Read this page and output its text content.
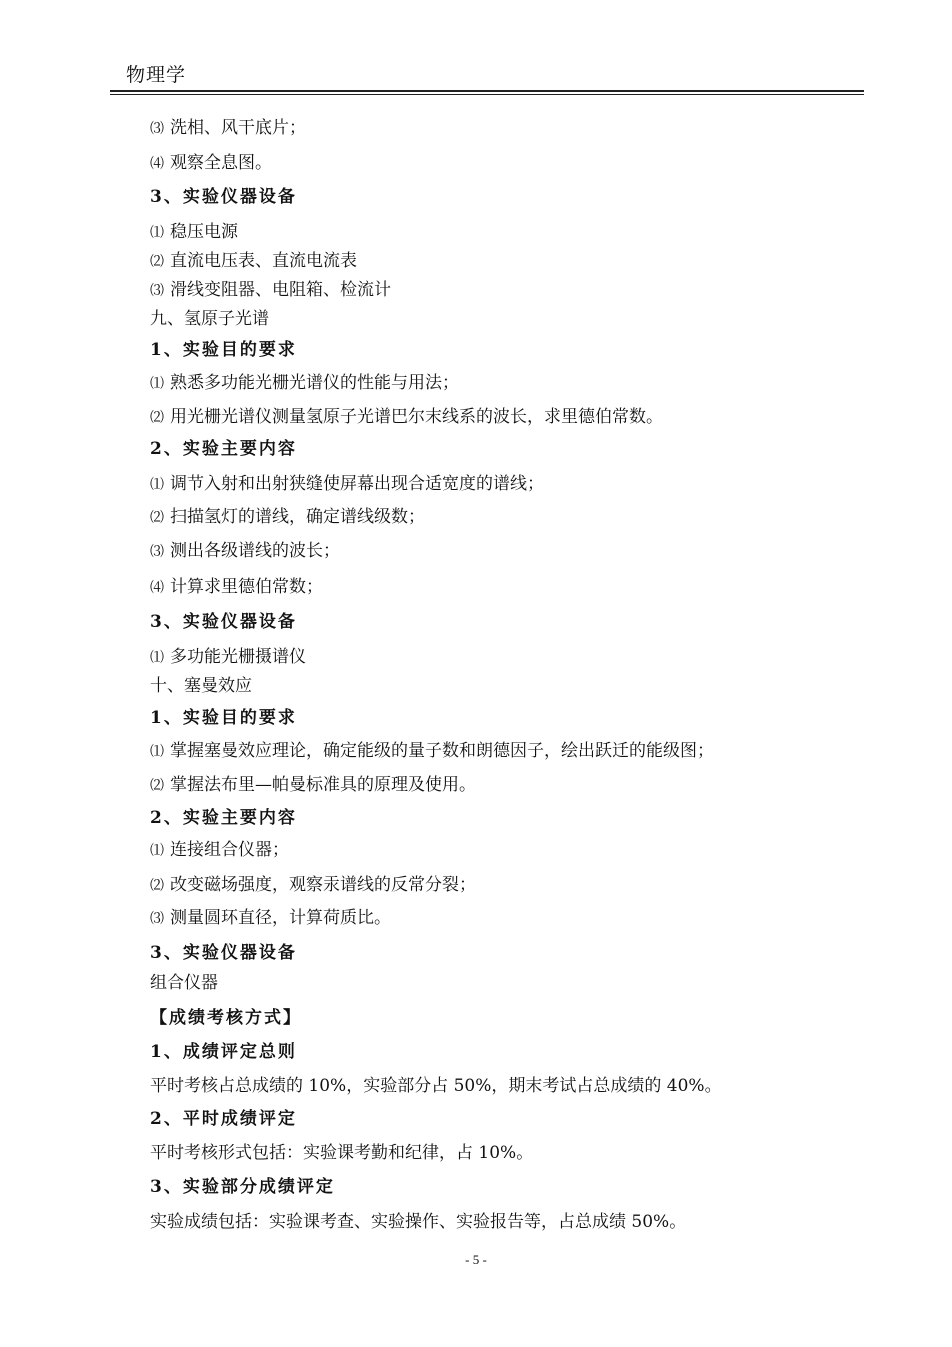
物理学
⑶ 洗相、风干底片；
⑷ 观察全息图。
3、实验仪器设备
⑴ 稳压电源
⑵ 直流电压表、直流电流表
⑶ 滑线变阻器、电阻箱、检流计
九、氢原子光谱
1、实验目的要求
⑴ 熟悉多功能光栅光谱仪的性能与用法；
⑵ 用光栅光谱仪测量氢原子光谱巴尔末线系的波长，求里德伯常数。
2、实验主要内容
⑴ 调节入射和出射狭缝使屏幕出现合适宽度的谱线；
⑵ 扫描氢灯的谱线，确定谱线级数；
⑶ 测出各级谱线的波长；
⑷ 计算求里德伯常数；
3、实验仪器设备
⑴ 多功能光栅摄谱仪
十、塞曼效应
1、实验目的要求
⑴ 掌握塞曼效应理论，确定能级的量子数和朗德因子，绘出跃迁的能级图；
⑵ 掌握法布里—帕曼标准具的原理及使用。
2、实验主要内容
⑴ 连接组合仪器；
⑵ 改变磁场强度，观察汞谱线的反常分裂；
⑶ 测量圆环直径，计算荷质比。
3、实验仪器设备
组合仪器
【成绩考核方式】
1、成绩评定总则
平时考核占总成绩的 10%，实验部分占 50%，期末考试占总成绩的 40%。
2、平时成绩评定
平时考核形式包括：实验课考勤和纪律，占 10%。
3、实验部分成绩评定
实验成绩包括：实验课考查、实验操作、实验报告等，占总成绩 50%。
- 5 -
